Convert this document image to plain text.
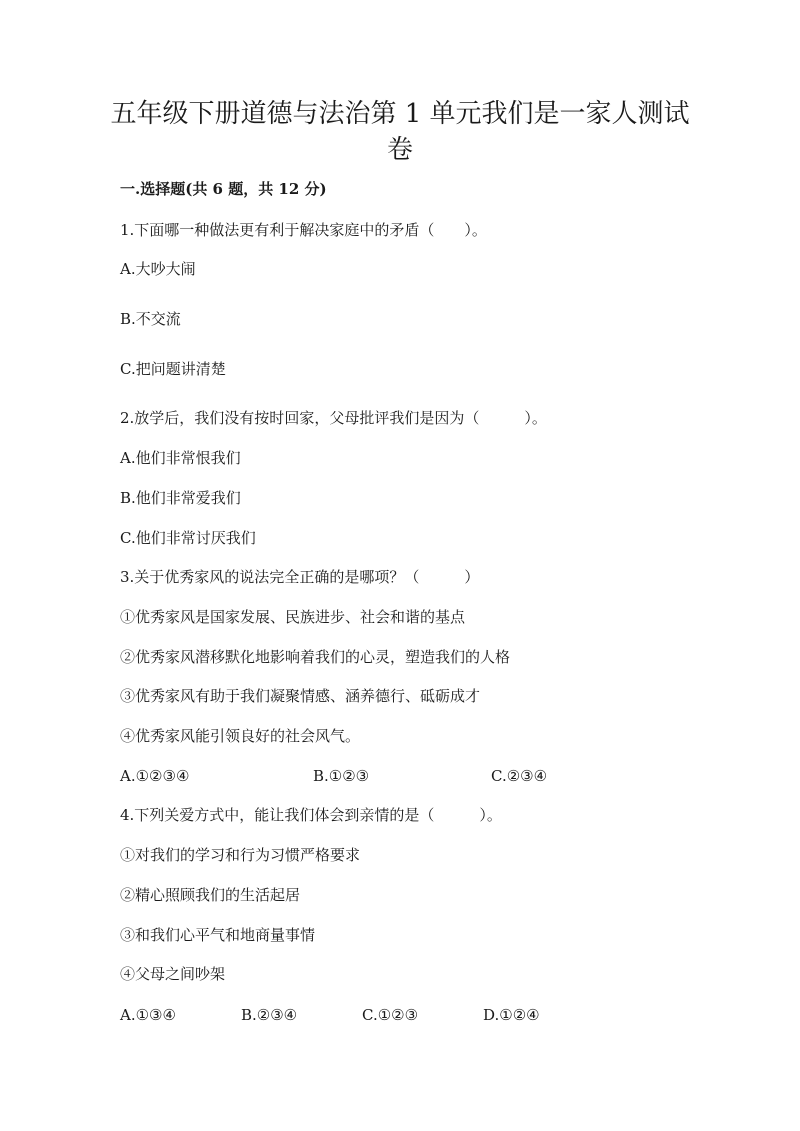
五年级下册道德与法治第 1 单元我们是一家人测试
卷
一.选择题(共 6 题，共 12 分)
1.下面哪一种做法更有利于解决家庭中的矛盾（　　）。
A.大吵大闹
B.不交流
C.把问题讲清楚
2.放学后，我们没有按时回家，父母批评我们是因为（　　　）。
A.他们非常恨我们
B.他们非常爱我们
C.他们非常讨厌我们
3.关于优秀家风的说法完全正确的是哪项？（　　　）
①优秀家风是国家发展、民族进步、社会和谐的基点
②优秀家风潜移默化地影响着我们的心灵，塑造我们的人格
③优秀家风有助于我们凝聚情感、涵养德行、砥砺成才
④优秀家风能引领良好的社会风气。
A.①②③④	B.①②③	C.②③④
4.下列关爱方式中，能让我们体会到亲情的是（　　　）。
①对我们的学习和行为习惯严格要求
②精心照顾我们的生活起居
③和我们心平气和地商量事情
④父母之间吵架
A.①③④	B.②③④	C.①②③	D.①②④
